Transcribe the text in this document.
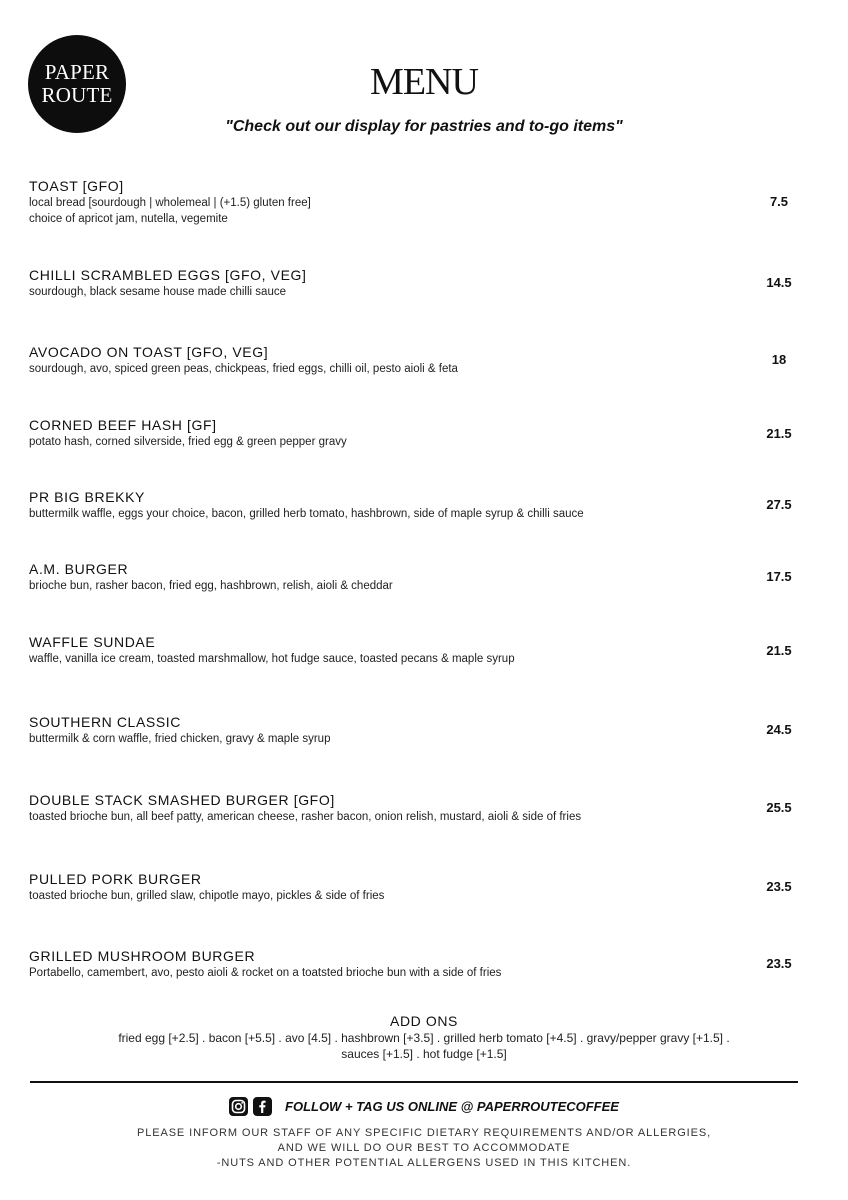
PAPER
ROUTE	MENU
"Check out our display for pastries and to-go items"
TOAST [GFO]
local bread [sourdough | wholemeal | (+1.5) gluten free]
choice of apricot jam, nutella, vegemite
7.5
CHILLI SCRAMBLED EGGS [GFO, VEG]
sourdough, black sesame house made chilli sauce
14.5
AVOCADO ON TOAST [GFO, VEG]
sourdough, avo, spiced green peas, chickpeas, fried eggs, chilli oil, pesto aioli & feta
18
CORNED BEEF HASH [GF]
potato hash, corned silverside, fried egg & green pepper gravy
21.5
PR BIG BREKKY
buttermilk waffle, eggs your choice, bacon, grilled herb tomato, hashbrown, side of maple syrup & chilli sauce
27.5
A.M. BURGER
brioche bun, rasher bacon, fried egg, hashbrown, relish, aioli & cheddar
17.5
WAFFLE SUNDAE
waffle, vanilla ice cream, toasted marshmallow, hot fudge sauce, toasted pecans & maple syrup
21.5
SOUTHERN CLASSIC
buttermilk & corn waffle, fried chicken, gravy & maple syrup
24.5
DOUBLE STACK SMASHED BURGER [GFO]
toasted brioche bun, all beef patty, american cheese, rasher bacon, onion relish, mustard, aioli & side of fries
25.5
PULLED PORK BURGER
toasted brioche bun, grilled slaw, chipotle mayo, pickles & side of fries
23.5
GRILLED MUSHROOM BURGER
Portabello, camembert, avo, pesto aioli & rocket on a toatsted brioche bun with a side of fries
23.5
ADD ONS
fried egg [+2.5] . bacon [+5.5] . avo [4.5] . hashbrown [+3.5] . grilled herb tomato [+4.5] . gravy/pepper gravy [+1.5] .
sauces [+1.5] . hot fudge [+1.5]
FOLLOW + TAG US ONLINE @ PAPERROUTECOFFEE
PLEASE INFORM OUR STAFF OF ANY SPECIFIC DIETARY REQUIREMENTS AND/OR ALLERGIES,
AND WE WILL DO OUR BEST TO ACCOMMODATE
-NUTS AND OTHER POTENTIAL ALLERGENS USED IN THIS KITCHEN.
